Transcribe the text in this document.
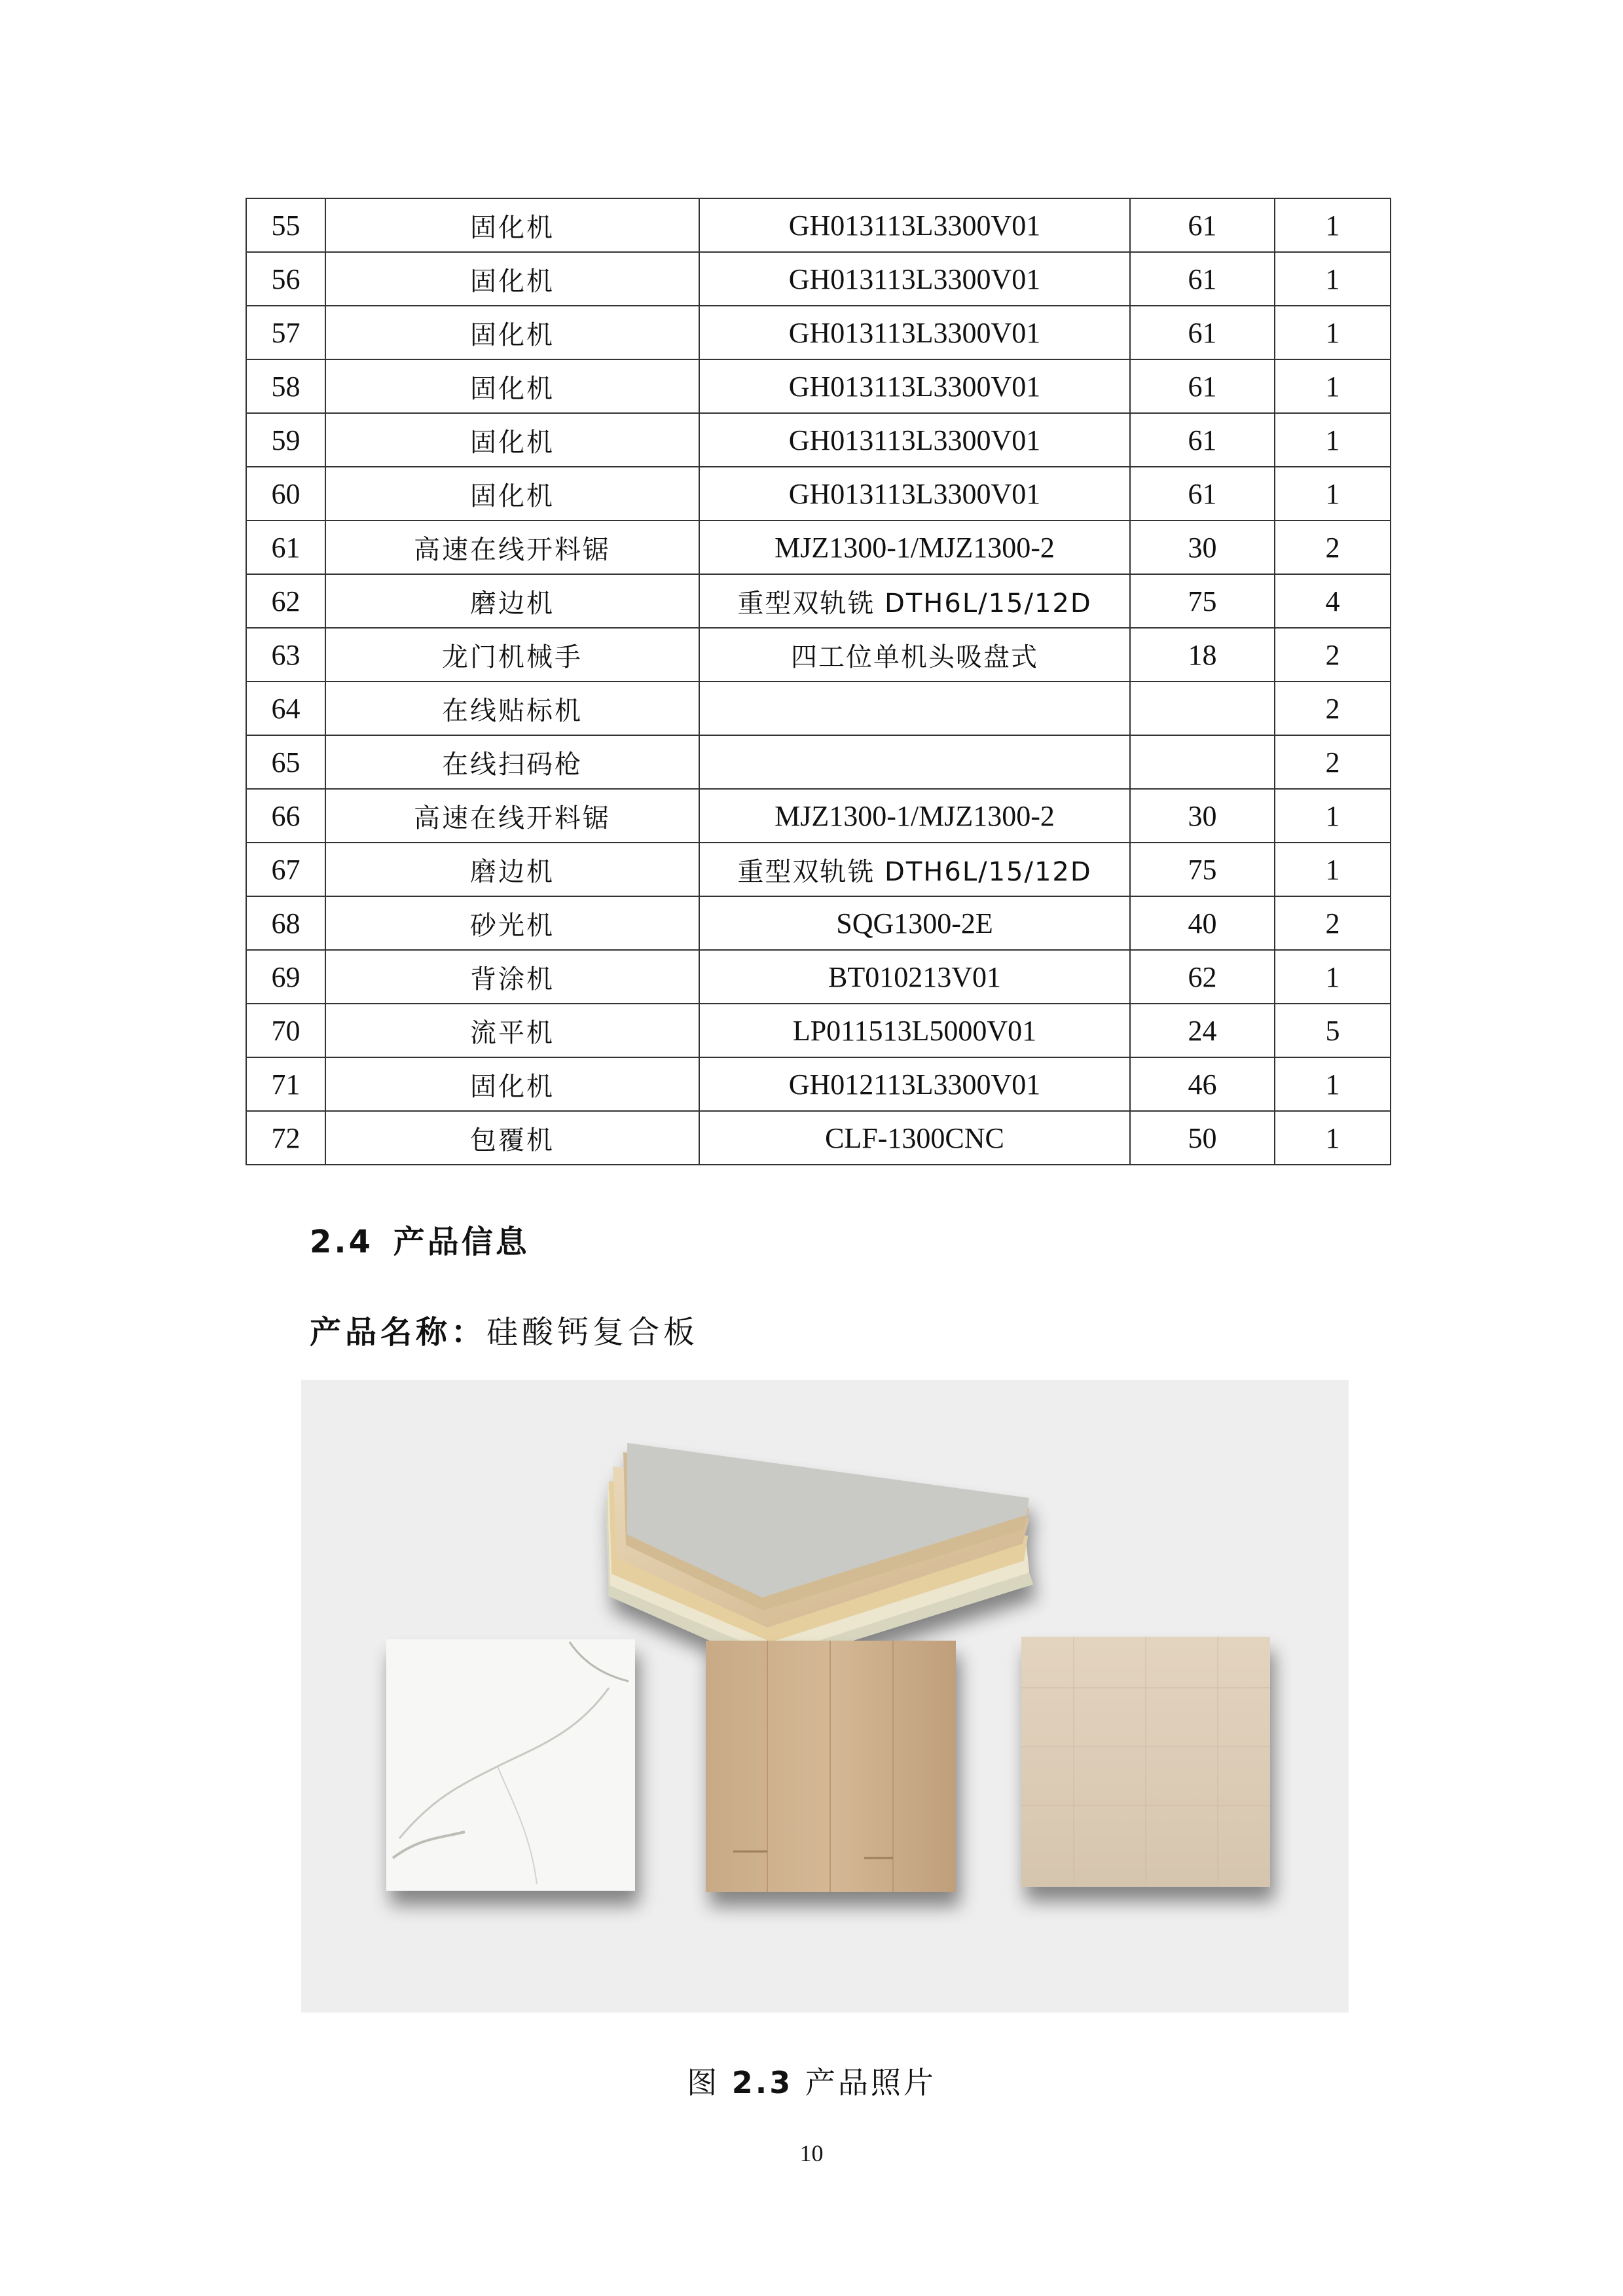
55	固化机	GH013113L3300V01	61	1
56	固化机	GH013113L3300V01	61	1
57	固化机	GH013113L3300V01	61	1
58	固化机	GH013113L3300V01	61	1
59	固化机	GH013113L3300V01	61	1
60	固化机	GH013113L3300V01	61	1
61	高速在线开料锯	MJZ1300-1/MJZ1300-2	30	2
62	磨边机	重型双轨铣 DTH6L/15/12D	75	4
63	龙门机械手	四工位单机头吸盘式	18	2
64	在线贴标机			2
65	在线扫码枪			2
66	高速在线开料锯	MJZ1300-1/MJZ1300-2	30	1
67	磨边机	重型双轨铣 DTH6L/15/12D	75	1
68	砂光机	SQG1300-2E	40	2
69	背涂机	BT010213V01	62	1
70	流平机	LP011513L5000V01	24	5
71	固化机	GH012113L3300V01	46	1
72	包覆机	CLF-1300CNC	50	1
2.4 产品信息
产品名称：硅酸钙复合板
图 2.3 产品照片
10
